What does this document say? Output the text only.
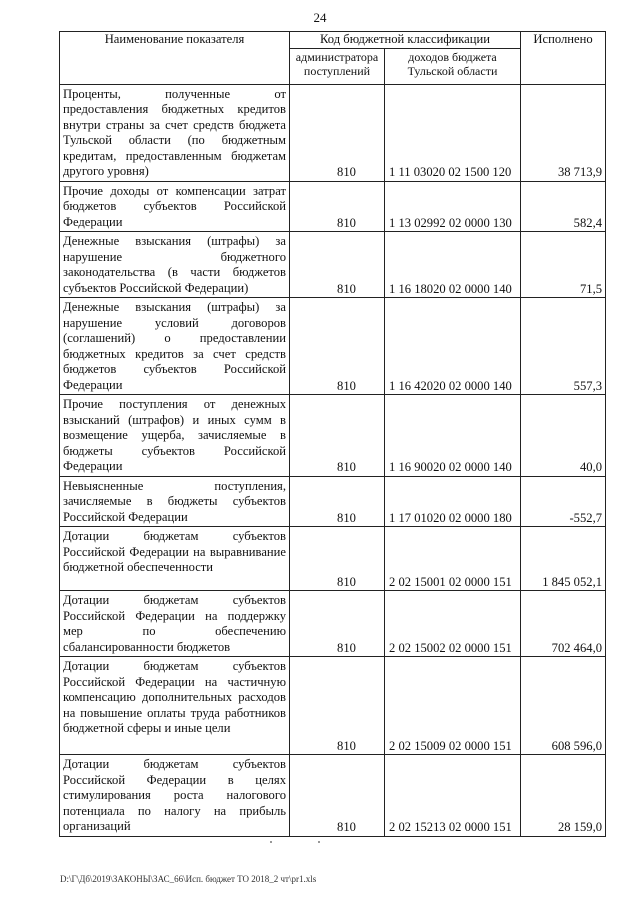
24
Наименование показателя	Код бюджетной классификации		Исполнено
	администратора поступлений	доходов бюджета Тульской области	
Проценты, полученные от предоставления бюджетных кредитов внутри страны за счет средств бюджета Тульской области (по бюджетным кредитам, предоставленным бюджетам другого уровня)	810	1 11 03020 02 1500 120	38 713,9
Прочие доходы от компенсации затрат бюджетов субъектов Российской Федерации	810	1 13 02992 02 0000 130	582,4
Денежные взыскания (штрафы) за нарушение бюджетного законодательства (в части бюджетов субъектов Российской Федерации)	810	1 16 18020 02 0000 140	71,5
Денежные взыскания (штрафы) за нарушение условий договоров (соглашений) о предоставлении бюджетных кредитов за счет средств бюджетов субъектов Российской Федерации	810	1 16 42020 02 0000 140	557,3
Прочие поступления от денежных взысканий (штрафов) и иных сумм в возмещение ущерба, зачисляемые в бюджеты субъектов Российской Федерации	810	1 16 90020 02 0000 140	40,0
Невыясненные поступления, зачисляемые в бюджеты субъектов Российской Федерации	810	1 17 01020 02 0000 180	-552,7
Дотации бюджетам субъектов Российской Федерации на выравнивание бюджетной обеспеченности	810	2 02 15001 02 0000 151	1 845 052,1
Дотации бюджетам субъектов Российской Федерации на поддержку мер по обеспечению сбалансированности бюджетов	810	2 02 15002 02 0000 151	702 464,0
Дотации бюджетам субъектов Российской Федерации на частичную компенсацию дополнительных расходов на повышение оплаты труда работников бюджетной сферы и иные цели	810	2 02 15009 02 0000 151	608 596,0
Дотации бюджетам субъектов Российской Федерации в целях стимулирования роста налогового потенциала по налогу на прибыль организаций	810	2 02 15213 02 0000 151	28 159,0
D:\Г\Дб\2019\ЗАКОНЫ\ЗАС_66\Исп. бюджет ТО 2018_2 чт\рr1.xls
